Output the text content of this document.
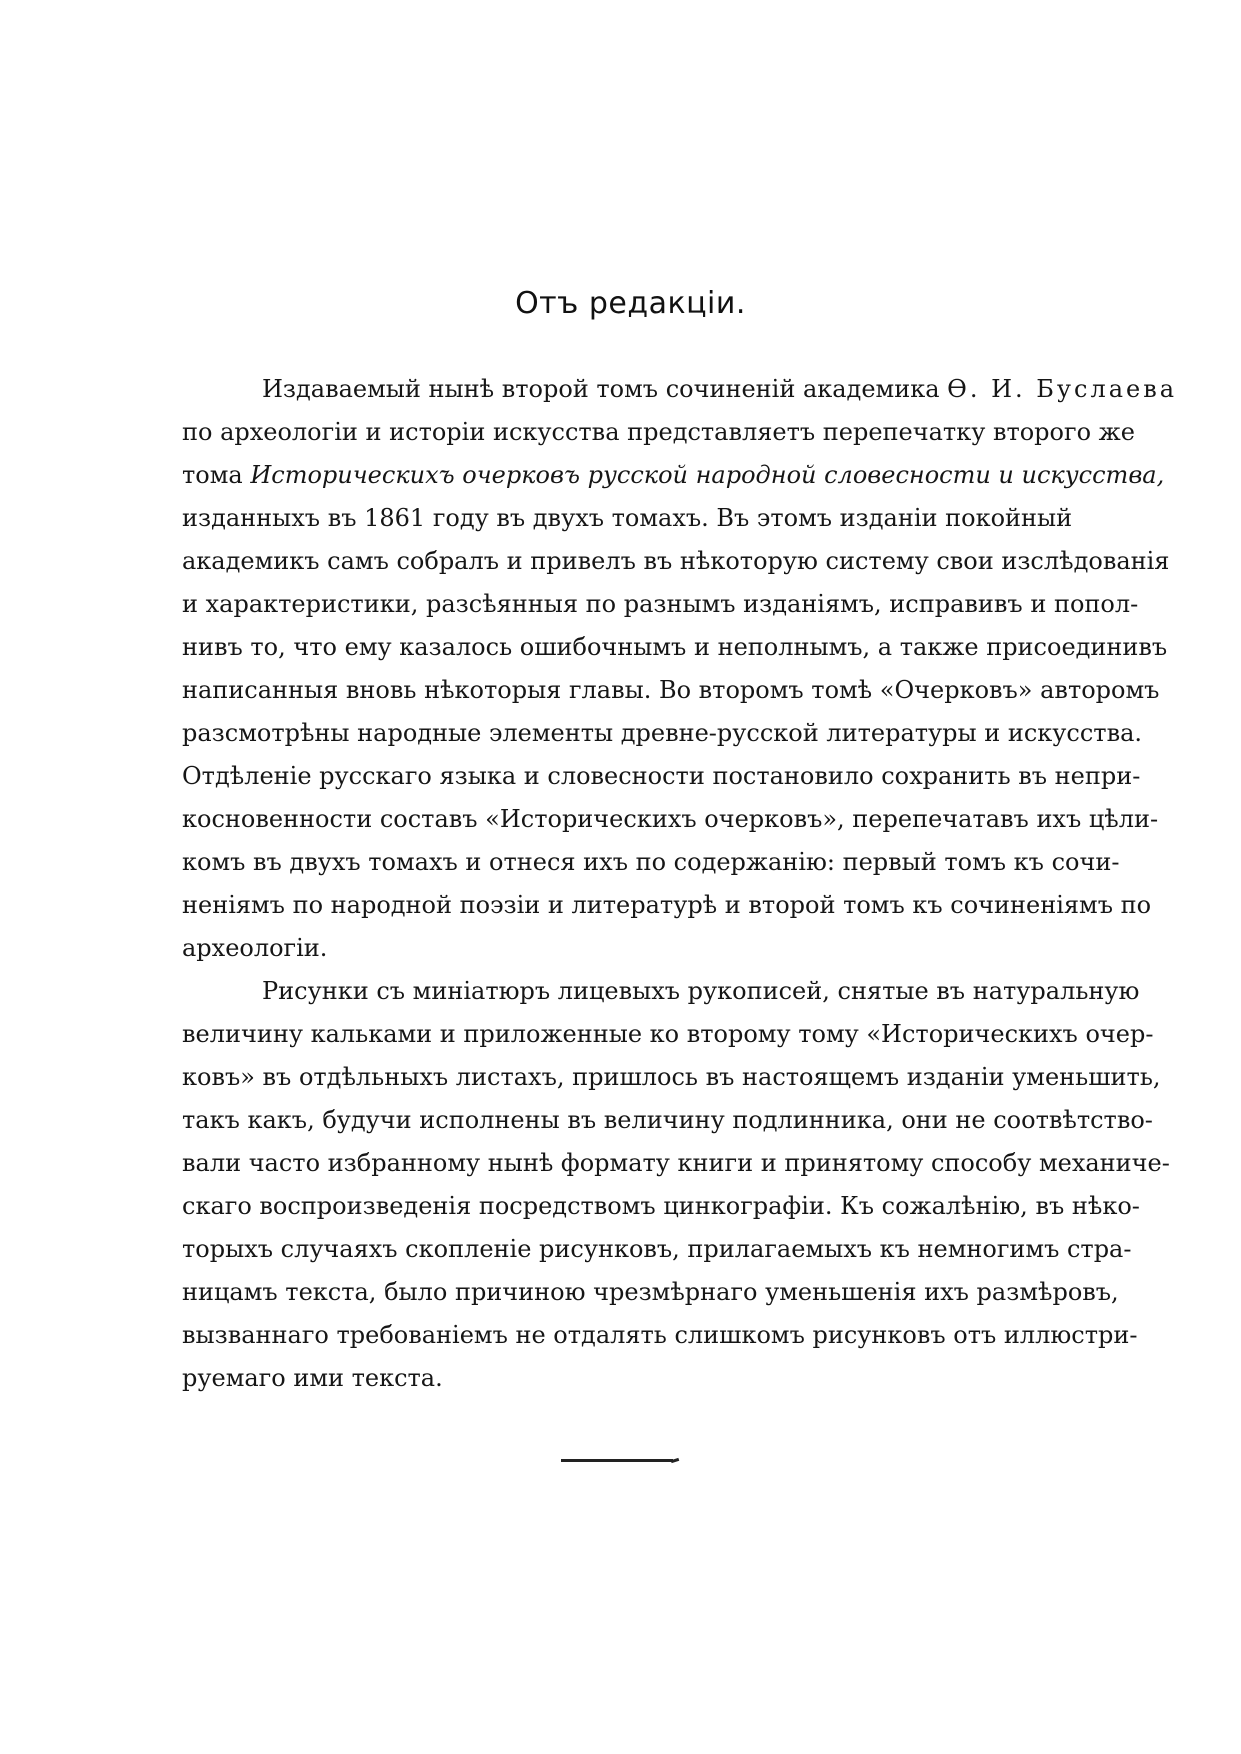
Отъ редакціи.
Издаваемый нынѣ второй томъ сочиненій академика Ѳ. И. Буслаева
по археологіи и исторіи искусства представляетъ перепечатку второго же
тома Историческихъ очерковъ русской народной словесности и искусства,
изданныхъ въ 1861 году въ двухъ томахъ. Въ этомъ изданіи покойный
академикъ самъ собралъ и привелъ въ нѣкоторую систему свои изслѣдованія
и характеристики, разсѣянныя по разнымъ изданіямъ, исправивъ и попол-
нивъ то, что ему казалось ошибочнымъ и неполнымъ, а также присоединивъ
написанныя вновь нѣкоторыя главы. Во второмъ томѣ «Очерковъ» авторомъ
разсмотрѣны народные элементы древне-русской литературы и искусства.
Отдѣленіе русскаго языка и словесности постановило сохранить въ непри-
косновенности составъ «Историческихъ очерковъ», перепечатавъ ихъ цѣли-
комъ въ двухъ томахъ и отнеся ихъ по содержанію: первый томъ къ сочи-
неніямъ по народной поэзіи и литературѣ и второй томъ къ сочиненіямъ по
археологіи.
Рисунки съ миніатюръ лицевыхъ рукописей, снятые въ натуральную
величину кальками и приложенные ко второму тому «Историческихъ очер-
ковъ» въ отдѣльныхъ листахъ, пришлось въ настоящемъ изданіи уменьшить,
такъ какъ, будучи исполнены въ величину подлинника, они не соотвѣтство-
вали часто избранному нынѣ формату книги и принятому способу механиче-
скаго воспроизведенія посредствомъ цинкографіи. Къ сожалѣнію, въ нѣко-
торыхъ случаяхъ скопленіе рисунковъ, прилагаемыхъ къ немногимъ стра-
ницамъ текста, было причиною чрезмѣрнаго уменьшенія ихъ размѣровъ,
вызваннаго требованіемъ не отдалять слишкомъ рисунковъ отъ иллюстри-
руемаго ими текста.
